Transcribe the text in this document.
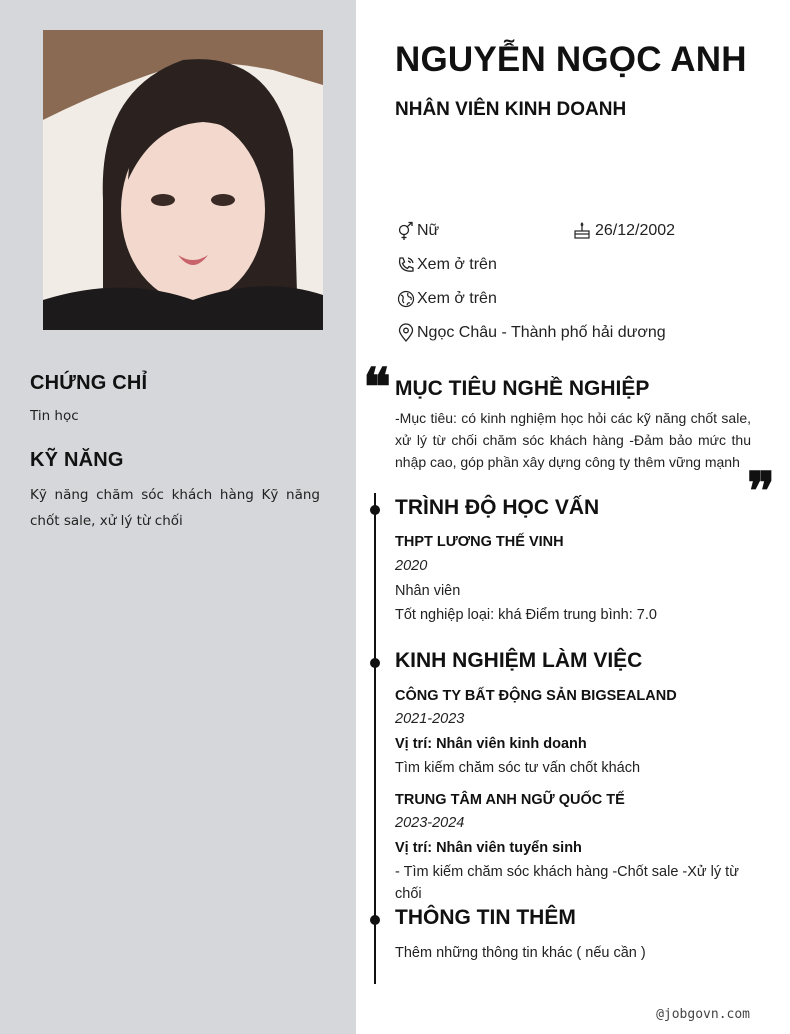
CHỨNG CHỈ
Tin học
KỸ NĂNG
Kỹ năng chăm sóc khách hàng Kỹ năng chốt sale, xử lý từ chối
NGUYỄN NGỌC ANH
NHÂN VIÊN KINH DOANH
Nữ	26/12/2002
Xem ở trên
Xem ở trên
Ngọc Châu - Thành phố hải dương
❝ MỤC TIÊU NGHỀ NGHIỆP
-Mục tiêu: có kinh nghiệm học hỏi các kỹ năng chốt sale, xử lý từ chối chăm sóc khách hàng -Đảm bảo mức thu nhập cao, góp phần xây dựng công ty thêm vững mạnh ❞
TRÌNH ĐỘ HỌC VẤN
THPT LƯƠNG THẾ VINH
2020
Nhân viên
Tốt nghiệp loại: khá Điểm trung bình: 7.0
KINH NGHIỆM LÀM VIỆC
CÔNG TY BẤT ĐỘNG SẢN BIGSEALAND
2021-2023
Vị trí: Nhân viên kinh doanh
Tìm kiếm chăm sóc tư vấn chốt khách
TRUNG TÂM ANH NGỮ QUỐC TẾ
2023-2024
Vị trí: Nhân viên tuyển sinh
- Tìm kiếm chăm sóc khách hàng -Chốt sale -Xử lý từ chối
THÔNG TIN THÊM
Thêm những thông tin khác ( nếu cần )
@jobgovn.com
